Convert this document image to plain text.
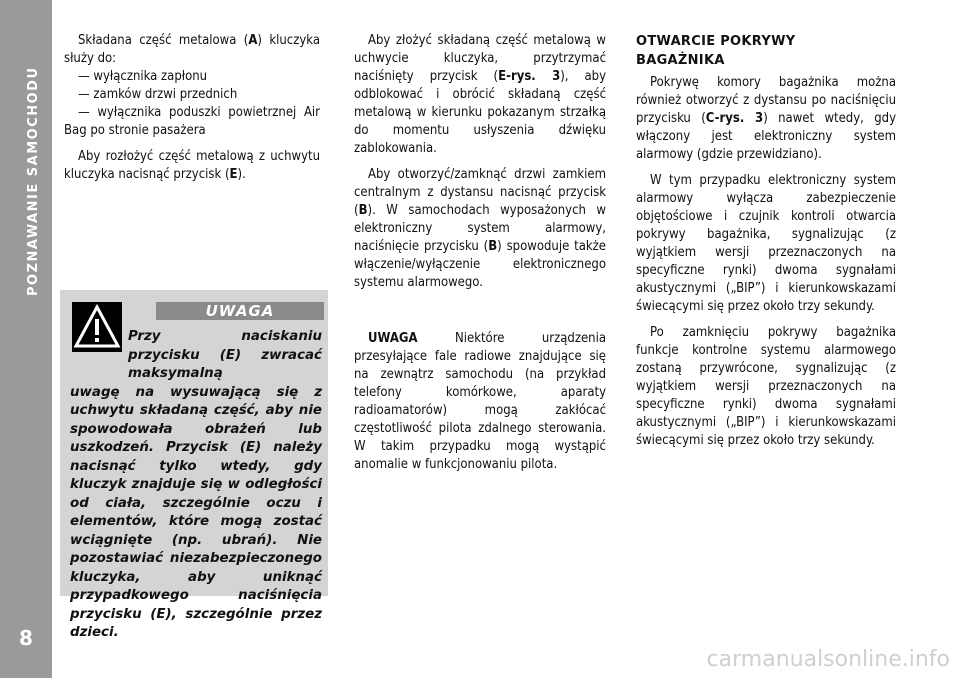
POZNAWANIE SAMOCHODU
8

Składana część metalowa (A) kluczyka służy do:

— wyłącznika zapłonu

— zamków drzwi przednich

— wyłącznika poduszki powietrznej Air Bag po stronie pasażera

Aby rozłożyć część metalową z uchwytu kluczyka nacisnąć przycisk (E).

UWAGA
Przy naciskaniu przycisku (E) zwracać maksymalną
uwagę na wysuwającą się z uchwytu składaną część, aby nie spowodowała obrażeń lub uszkodzeń. Przycisk (E) należy nacisnąć tylko wtedy, gdy kluczyk znajduje się w odległości od ciała, szczególnie oczu i elementów, które mogą zostać wciągnięte (np. ubrań). Nie pozostawiać niezabezpieczonego kluczyka, aby uniknąć przypadkowego naciśnięcia przycisku (E), szczególnie przez dzieci.

Aby złożyć składaną część metalową w uchwycie kluczyka, przytrzymać naciśnięty przycisk (E-rys. 3), aby odblokować i obrócić składaną część metalową w kierunku pokazanym strzałką do momentu usłyszenia dźwięku zablokowania.

Aby otworzyć/zamknąć drzwi zamkiem centralnym z dystansu nacisnąć przycisk (B). W samochodach wyposażonych w elektroniczny system alarmowy, naciśnięcie przycisku (B) spowoduje także włączenie/wyłączenie elektronicznego systemu alarmowego.

UWAGA Niektóre urządzenia przesyłające fale radiowe znajdujące się na zewnątrz samochodu (na przykład telefony komórkowe, aparaty radioamatorów) mogą zakłócać częstotliwość pilota zdalnego sterowania. W takim przypadku mogą wystąpić anomalie w funkcjonowaniu pilota.

OTWARCIE POKRYWY
BAGAŻNIKA

Pokrywę komory bagażnika można również otworzyć z dystansu po naciśnięciu przycisku (C-rys. 3) nawet wtedy, gdy włączony jest elektroniczny system alarmowy (gdzie przewidziano).

W tym przypadku elektroniczny system alarmowy wyłącza zabezpieczenie objętościowe i czujnik kontroli otwarcia pokrywy bagażnika, sygnalizując (z wyjątkiem wersji przeznaczonych na specyficzne rynki) dwoma sygnałami akustycznymi („BIP”) i kierunkowskazami świecącymi się przez około trzy sekundy.

Po zamknięciu pokrywy bagażnika funkcje kontrolne systemu alarmowego zostaną przywrócone, sygnalizując (z wyjątkiem wersji przeznaczonych na specyficzne rynki) dwoma sygnałami akustycznymi („BIP”) i kierunkowskazami świecącymi się przez około trzy sekundy.

carmanualsonline.info
